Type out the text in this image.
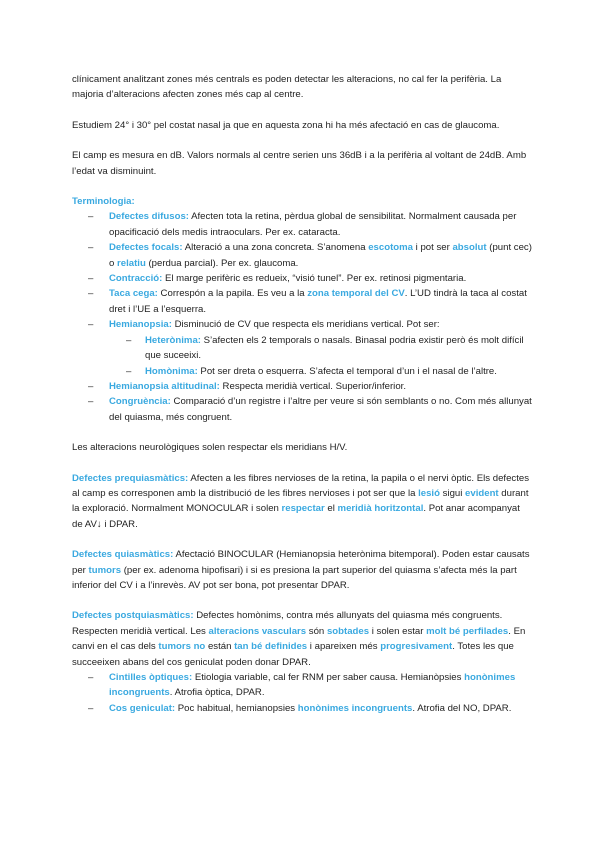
clínicament analitzant zones més centrals es poden detectar les alteracions, no cal fer la perifèria. La majoria d’alteracions afecten zones més cap al centre.

Estudiem 24° i 30° pel costat nasal ja que en aquesta zona hi ha més afectació en cas de glaucoma.

El camp es mesura en dB. Valors normals al centre serien uns 36dB i a la perifèria al voltant de 24dB. Amb l’edat va disminuint.

Terminologia:

– Defectes difusos: Afecten tota la retina, pèrdua global de sensibilitat. Normalment causada per opacificació dels medis intraoculars. Per ex. cataracta.
– Defectes focals: Alteració a una zona concreta. S’anomena escotoma i pot ser absolut (punt cec) o relatiu (perdua parcial). Per ex. glaucoma.
– Contracció: El marge perifèric es redueix, “visió tunel”. Per ex. retinosi pigmentaria.
– Taca cega: Correspón a la papila. Es veu a la zona temporal del CV. L’UD tindrà la taca al costat dret i l’UE a l’esquerra.
– Hemianopsia: Disminució de CV que respecta els meridians vertical. Pot ser:
– Heterònima: S’afecten els 2 temporals o nasals. Binasal podria existir però és molt difícil que suceeixi.
– Homònima: Pot ser dreta o esquerra. S’afecta el temporal d’un i el nasal de l’altre.
– Hemianopsia altitudinal: Respecta meridià vertical. Superior/inferior.
– Congruència: Comparació d’un registre i l’altre per veure si són semblants o no. Com més allunyat del quiasma, més congruent.

Les alteracions neurològiques solen respectar els meridians H/V.

Defectes prequiasmàtics: Afecten a les fibres nervioses de la retina, la papila o el nervi òptic. Els defectes al camp es corresponen amb la distribució de les fibres nervioses i pot ser que la lesió sigui evident durant la exploració. Normalment MONOCULAR i solen respectar el meridià horitzontal. Pot anar acompanyat de AV↓ i DPAR.

Defectes quiasmàtics: Afectació BINOCULAR (Hemianopsia heterònima bitemporal). Poden estar causats per tumors (per ex. adenoma hipofisari) i si es presiona la part superior del quiasma s’afecta més la part inferior del CV i a l’inrevès. AV pot ser bona, pot presentar DPAR.

Defectes postquiasmàtics: Defectes homònims, contra més allunyats del quiasma més congruents. Respecten meridià vertical. Les alteracions vasculars són sobtades i solen estar molt bé perfilades. En canvi en el cas dels tumors no están tan bé definides i apareixen més progresivament. Totes les que succeeixen abans del cos geniculat poden donar DPAR.

– Cintilles òptiques: Etiologia variable, cal fer RNM per saber causa. Hemianòpsies honònimes incongruents. Atrofia òptica, DPAR.
– Cos geniculat: Poc habitual, hemianopsies honònimes incongruents. Atrofia del NO, DPAR.
